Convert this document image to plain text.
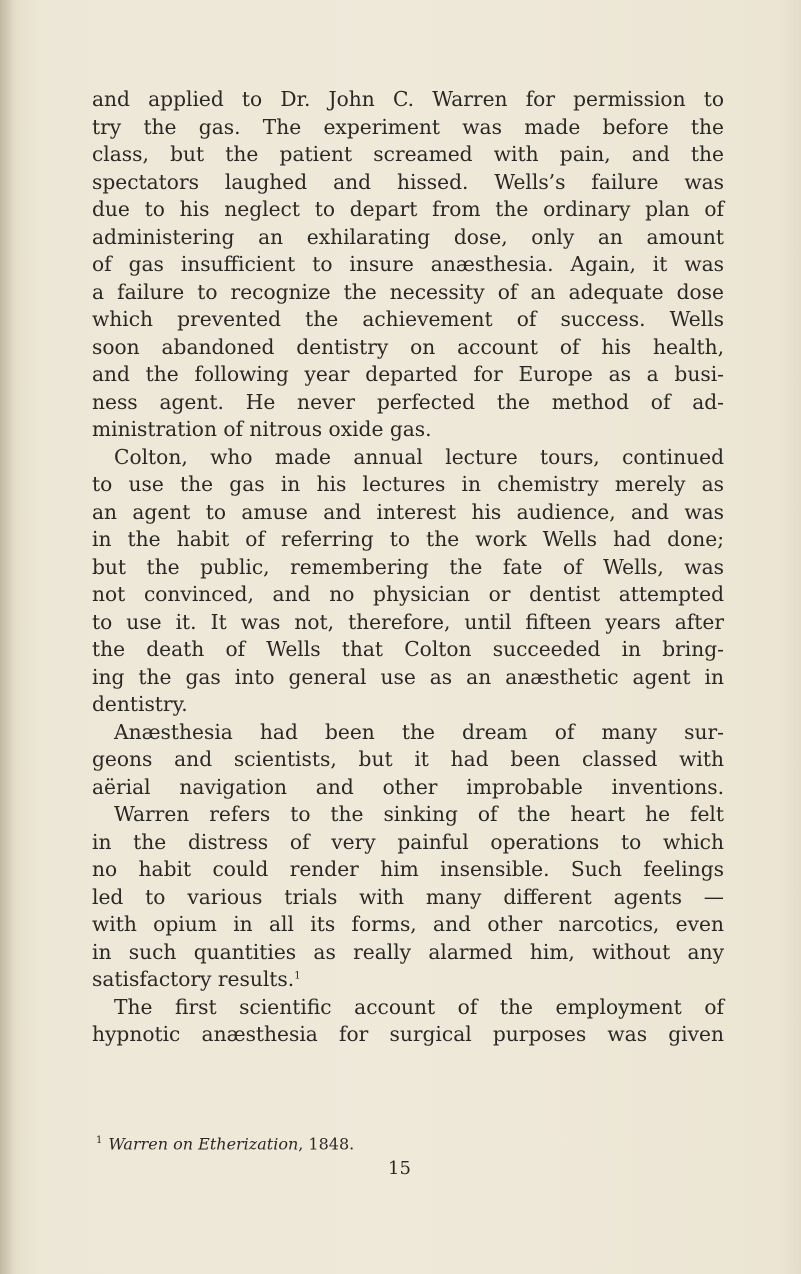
and applied to Dr. John C. Warren for permission to
try the gas. The experiment was made before the
class, but the patient screamed with pain, and the
spectators laughed and hissed. Wells’s failure was
due to his neglect to depart from the ordinary plan of
administering an exhilarating dose, only an amount
of gas insufficient to insure anæsthesia. Again, it was
a failure to recognize the necessity of an adequate dose
which prevented the achievement of success. Wells
soon abandoned dentistry on account of his health,
and the following year departed for Europe as a busi-
ness agent. He never perfected the method of ad-
ministration of nitrous oxide gas.
Colton, who made annual lecture tours, continued
to use the gas in his lectures in chemistry merely as
an agent to amuse and interest his audience, and was
in the habit of referring to the work Wells had done;
but the public, remembering the fate of Wells, was
not convinced, and no physician or dentist attempted
to use it. It was not, therefore, until fifteen years after
the death of Wells that Colton succeeded in bring-
ing the gas into general use as an anæsthetic agent in
dentistry.
Anæsthesia had been the dream of many sur-
geons and scientists, but it had been classed with
aërial navigation and other improbable inventions.
Warren refers to the sinking of the heart he felt
in the distress of very painful operations to which
no habit could render him insensible. Such feelings
led to various trials with many different agents —
with opium in all its forms, and other narcotics, even
in such quantities as really alarmed him, without any
satisfactory results.$^1$
The first scientific account of the employment of
hypnotic anæsthesia for surgical purposes was given
$^1$ Warren on Etherization, 1848.
15
